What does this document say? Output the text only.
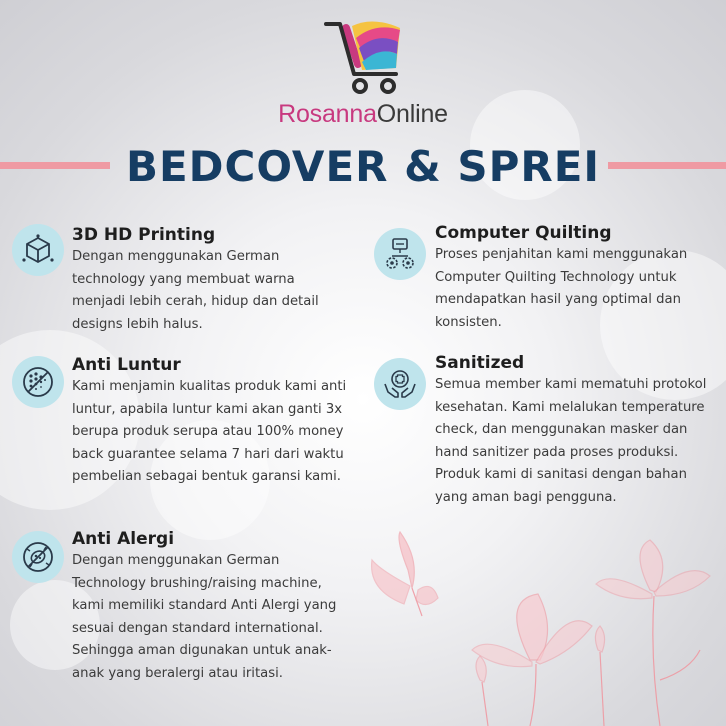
RosannaOnline
BEDCOVER & SPREI
3D HD Printing

Dengan menggunakan German technology yang membuat warna menjadi lebih cerah, hidup dan detail designs lebih halus.

Computer Quilting

Proses penjahitan kami menggunakan Computer Quilting Technology untuk mendapatkan hasil yang optimal dan konsisten.

Anti Luntur

Kami menjamin kualitas produk kami anti luntur, apabila luntur kami akan ganti 3x berupa produk serupa atau 100% money back guarantee selama 7 hari dari waktu pembelian sebagai bentuk garansi kami.

Sanitized

Semua member kami mematuhi protokol kesehatan. Kami melalukan temperature check, dan menggunakan masker dan hand sanitizer pada proses produksi. Produk kami di sanitasi dengan bahan yang aman bagi pengguna.

Anti Alergi

Dengan menggunakan German Technology brushing/raising machine, kami memiliki standard Anti Alergi yang sesuai dengan standard international. Sehingga aman digunakan untuk anak-anak yang beralergi atau iritasi.
